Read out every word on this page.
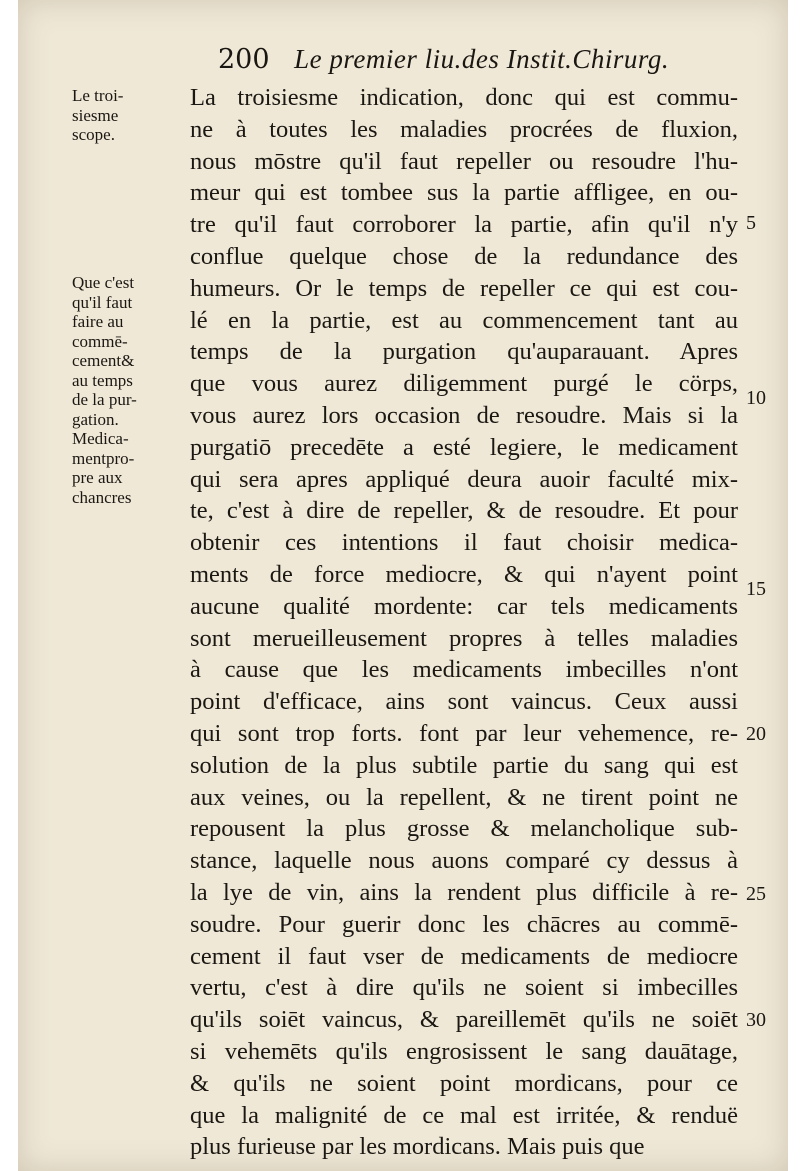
200 Le premier liu.des Instit.Chirurg.
Le troi-
siesme
scope.
Que c'est
qu'il faut
faire au
commē-
cement&
au temps
de la pur-
gation.
Medica-
mentpro-
pre aux
chancres
La troisiesme indication, donc qui est commu-
ne à toutes les maladies procrées de fluxion,
nous mōstre qu'il faut repeller ou resoudre l'hu-
meur qui est tombee sus la partie affligee, en ou-
tre qu'il faut corroborer la partie, afin qu'il n'y
conflue quelque chose de la redundance des
humeurs. Or le temps de repeller ce qui est cou-
lé en la partie, est au commencement tant au
temps de la purgation qu'auparauant. Apres
que vous aurez diligemment purgé le cörps,
vous aurez lors occasion de resoudre. Mais si la
purgatiō precedēte a esté legiere, le medicament
qui sera apres appliqué deura auoir faculté mix-
te, c'est à dire de repeller, & de resoudre. Et pour
obtenir ces intentions il faut choisir medica-
ments de force mediocre, & qui n'ayent point
aucune qualité mordente: car tels medicaments
sont merueilleusement propres à telles maladies
à cause que les medicaments imbecilles n'ont
point d'efficace, ains sont vaincus. Ceux aussi
qui sont trop forts. font par leur vehemence, re-
solution de la plus subtile partie du sang qui est
aux veines, ou la repellent, & ne tirent point ne
repousent la plus grosse & melancholique sub-
stance, laquelle nous auons comparé cy dessus à
la lye de vin, ains la rendent plus difficile à re-
soudre. Pour guerir donc les chācres au commē-
cement il faut vser de medicaments de mediocre
vertu, c'est à dire qu'ils ne soient si imbecilles
qu'ils soiēt vaincus, & pareillemēt qu'ils ne soiēt
si vehemēts qu'ils engrosissent le sang dauātage,
& qu'ils ne soient point mordicans, pour ce
que la malignité de ce mal est irritée, & renduë
plus furieuse par les mordicans. Mais puis que
5
10
15
20
25
30
